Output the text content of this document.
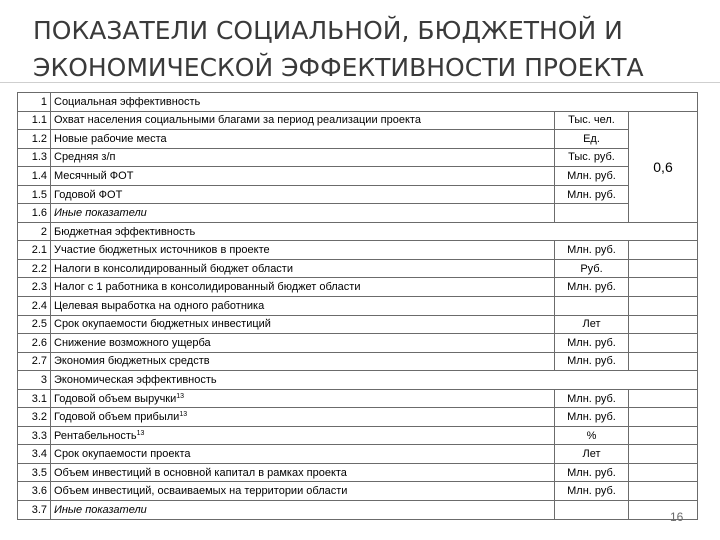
ПОКАЗАТЕЛИ СОЦИАЛЬНОЙ, БЮДЖЕТНОЙ И
ЭКОНОМИЧЕСКОЙ ЭФФЕКТИВНОСТИ ПРОЕКТА
1	Социальная эффективность		
1.1	Охват населения социальными благами за период реализации проекта	Тыс. чел.	0,6
1.2	Новые рабочие места	Ед.	
1.3	Средняя з/п	Тыс. руб.	
1.4	Месячный ФОТ	Млн. руб.	
1.5	Годовой ФОТ	Млн. руб.	
1.6	Иные показатели		
2	Бюджетная эффективность		
2.1	Участие бюджетных источников в проекте	Млн. руб.	
2.2	Налоги в консолидированный бюджет области	Руб.	
2.3	Налог с 1 работника в консолидированный бюджет области	Млн. руб.	
2.4	Целевая выработка на одного работника		
2.5	Срок окупаемости бюджетных инвестиций	Лет	
2.6	Снижение возможного ущерба	Млн. руб.	
2.7	Экономия бюджетных средств	Млн. руб.	
3	Экономическая эффективность		
3.1	Годовой объем выручки$^{13}$	Млн. руб.	
3.2	Годовой объем прибыли$^{13}$	Млн. руб.	
3.3	Рентабельность$^{13}$	%	
3.4	Срок окупаемости проекта	Лет	
3.5	Объем инвестиций в основной капитал в рамках проекта	Млн. руб.	
3.6	Объем инвестиций, осваиваемых на территории области	Млн. руб.	
3.7	Иные показатели		
16
